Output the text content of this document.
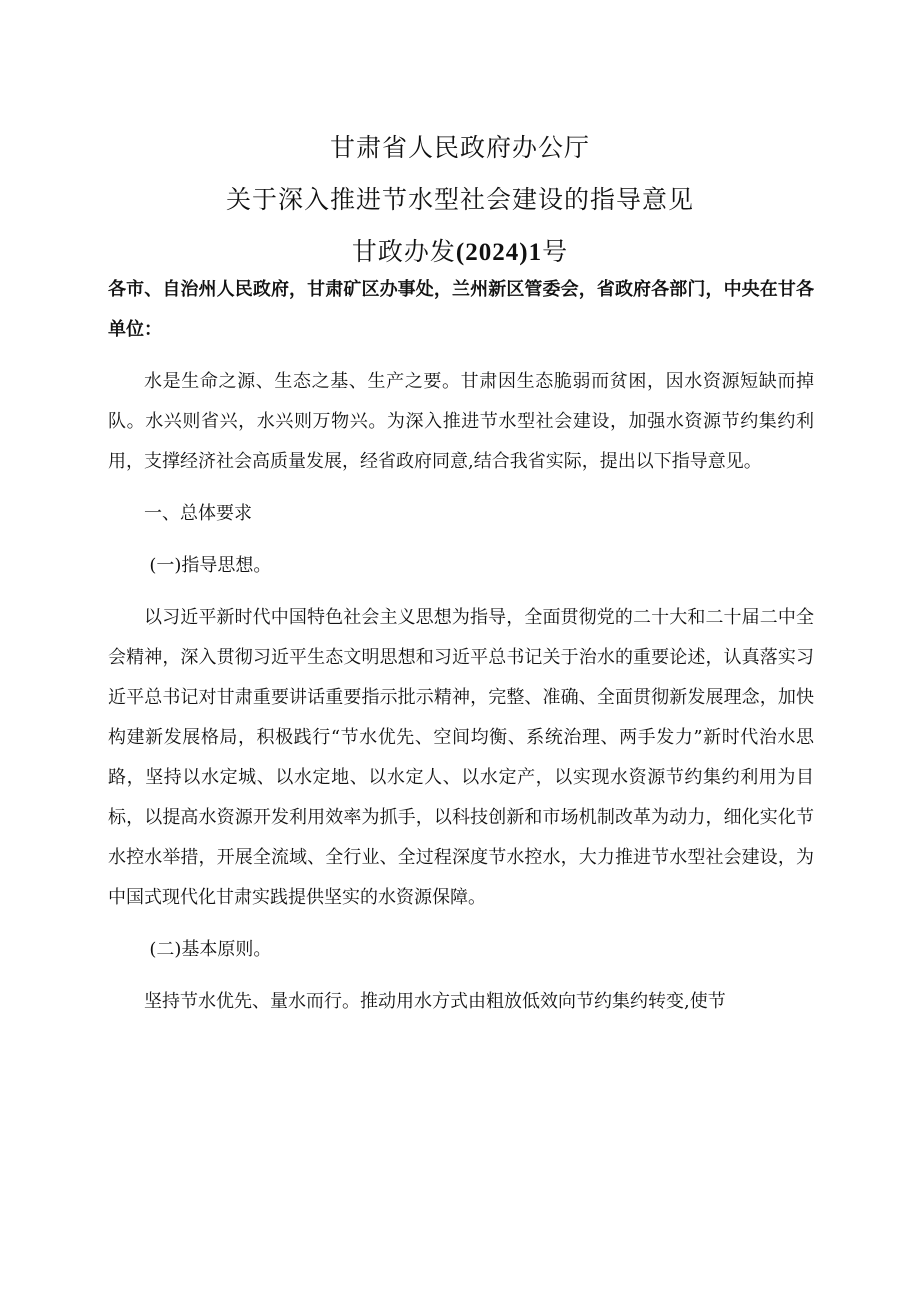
甘肃省人民政府办公厅
关于深入推进节水型社会建设的指导意见
甘政办发(2024)1号

各市、自治州人民政府，甘肃矿区办事处，兰州新区管委会，省政府各部门，中央在甘各单位：

水是生命之源、生态之基、生产之要。甘肃因生态脆弱而贫困，因水资源短缺而掉队。水兴则省兴，水兴则万物兴。为深入推进节水型社会建设，加强水资源节约集约利用，支撑经济社会高质量发展，经省政府同意,结合我省实际，提出以下指导意见。

一、总体要求

(一)指导思想。

以习近平新时代中国特色社会主义思想为指导，全面贯彻党的二十大和二十届二中全会精神，深入贯彻习近平生态文明思想和习近平总书记关于治水的重要论述，认真落实习近平总书记对甘肃重要讲话重要指示批示精神，完整、准确、全面贯彻新发展理念，加快构建新发展格局，积极践行“节水优先、空间均衡、系统治理、两手发力”新时代治水思路，坚持以水定城、以水定地、以水定人、以水定产，以实现水资源节约集约利用为目标，以提高水资源开发利用效率为抓手，以科技创新和市场机制改革为动力，细化实化节水控水举措，开展全流域、全行业、全过程深度节水控水，大力推进节水型社会建设，为中国式现代化甘肃实践提供坚实的水资源保障。

(二)基本原则。

坚持节水优先、量水而行。推动用水方式由粗放低效向节约集约转变,使节
